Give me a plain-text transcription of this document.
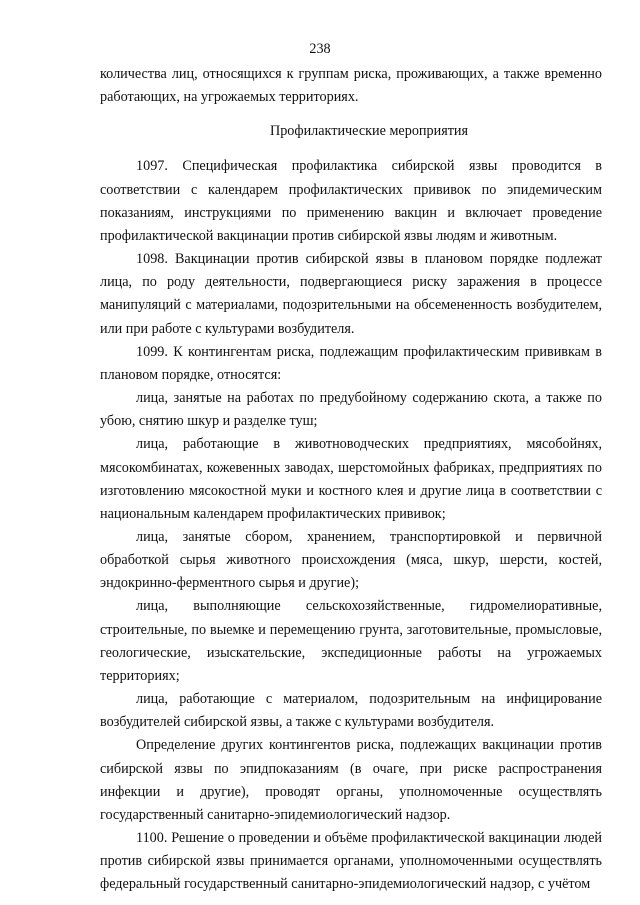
238

количества лиц, относящихся к группам риска, проживающих, а также временно работающих, на угрожаемых территориях.

Профилактические мероприятия

1097. Специфическая профилактика сибирской язвы проводится в соответствии с календарем профилактических прививок по эпидемическим показаниям, инструкциями по применению вакцин и включает проведение профилактической вакцинации против сибирской язвы людям и животным.

1098. Вакцинации против сибирской язвы в плановом порядке подлежат лица, по роду деятельности, подвергающиеся риску заражения в процессе манипуляций с материалами, подозрительными на обсемененность возбудителем, или при работе с культурами возбудителя.

1099. К контингентам риска, подлежащим профилактическим прививкам в плановом порядке, относятся:

лица, занятые на работах по предубойному содержанию скота, а также по убою, снятию шкур и разделке туш;

лица, работающие в животноводческих предприятиях, мясобойнях, мясокомбинатах, кожевенных заводах, шерстомойных фабриках, предприятиях по изготовлению мясокостной муки и костного клея и другие лица в соответствии с национальным календарем профилактических прививок;

лица, занятые сбором, хранением, транспортировкой и первичной обработкой сырья животного происхождения (мяса, шкур, шерсти, костей, эндокринно-ферментного сырья и другие);

лица, выполняющие сельскохозяйственные, гидромелиоративные, строительные, по выемке и перемещению грунта, заготовительные, промысловые, геологические, изыскательские, экспедиционные работы на угрожаемых территориях;

лица, работающие с материалом, подозрительным на инфицирование возбудителей сибирской язвы, а также с культурами возбудителя.

Определение других контингентов риска, подлежащих вакцинации против сибирской язвы по эпидпоказаниям (в очаге, при риске распространения инфекции и другие), проводят органы, уполномоченные осуществлять государственный санитарно-эпидемиологический надзор.

1100. Решение о проведении и объёме профилактической вакцинации людей против сибирской язвы принимается органами, уполномоченными осуществлять федеральный государственный санитарно-эпидемиологический надзор, с учётом
